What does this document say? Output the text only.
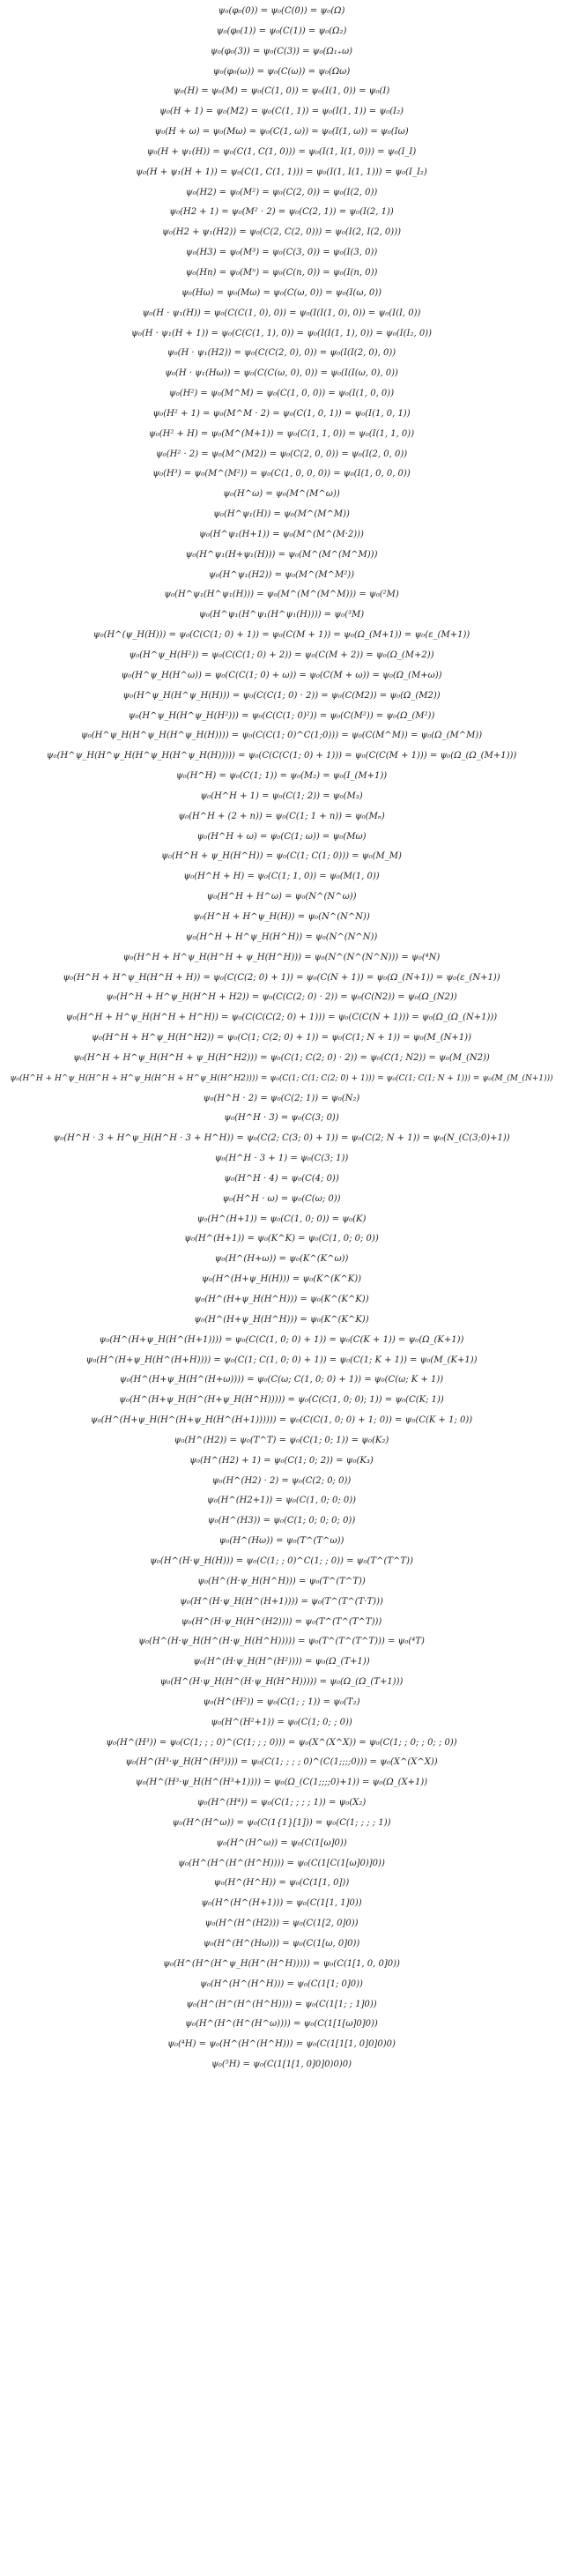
ψ₀(φ₀(0)) = ψ₀(C(0)) = ψ₀(Ω)
ψ₀(φ₀(1)) = ψ₀(C(1)) = ψ₀(Ω₂)
ψ₀(φ₀(3)) = ψ₀(C(3)) = ψ₀(Ω₁₊ω)
ψ₀(φ₀(ω)) = ψ₀(C(ω)) = ψ₀(Ωω)
ψ₀(H) = ψ₀(M) = ψ₀(C(1, 0)) = ψ₀(I(1, 0)) = ψ₀(I)
ψ₀(H + 1) = ψ₀(M2) = ψ₀(C(1, 1)) = ψ₀(I(1, 1)) = ψ₀(I₂)
ψ₀(H + ω) = ψ₀(Mω) = ψ₀(C(1, ω)) = ψ₀(I(1, ω)) = ψ₀(Iω)
ψ₀(H + ψ₁(H)) = ψ₀(C(1, C(1, 0))) = ψ₀(I(1, I(1, 0))) = ψ₀(I_I)
ψ₀(H + ψ₁(H + 1)) = ψ₀(C(1, C(1, 1))) = ψ₀(I(1, I(1, 1))) = ψ₀(I_I₂)
ψ₀(H2) = ψ₀(M²) = ψ₀(C(2, 0)) = ψ₀(I(2, 0))
ψ₀(H2 + 1) = ψ₀(M² · 2) = ψ₀(C(2, 1)) = ψ₀(I(2, 1))
ψ₀(H2 + ψ₁(H2)) = ψ₀(C(2, C(2, 0))) = ψ₀(I(2, I(2, 0)))
ψ₀(H3) = ψ₀(M³) = ψ₀(C(3, 0)) = ψ₀(I(3, 0))
ψ₀(Hn) = ψ₀(Mⁿ) = ψ₀(C(n, 0)) = ψ₀(I(n, 0))
ψ₀(Hω) = ψ₀(Mω) = ψ₀(C(ω, 0)) = ψ₀(I(ω, 0))
ψ₀(H · ψ₁(H)) = ψ₀(C(C(1, 0), 0)) = ψ₀(I(I(1, 0), 0)) = ψ₀(I(I, 0))
ψ₀(H · ψ₁(H + 1)) = ψ₀(C(C(1, 1), 0)) = ψ₀(I(I(1, 1), 0)) = ψ₀(I(I₂, 0))
ψ₀(H · ψ₁(H2)) = ψ₀(C(C(2, 0), 0)) = ψ₀(I(I(2, 0), 0))
ψ₀(H · ψ₁(Hω)) = ψ₀(C(C(ω, 0), 0)) = ψ₀(I(I(ω, 0), 0))
ψ₀(H²) = ψ₀(M^M) = ψ₀(C(1, 0, 0)) = ψ₀(I(1, 0, 0))
ψ₀(H² + 1) = ψ₀(M^M · 2) = ψ₀(C(1, 0, 1)) = ψ₀(I(1, 0, 1))
ψ₀(H² + H) = ψ₀(M^(M+1)) = ψ₀(C(1, 1, 0)) = ψ₀(I(1, 1, 0))
ψ₀(H² · 2) = ψ₀(M^(M2)) = ψ₀(C(2, 0, 0)) = ψ₀(I(2, 0, 0))
ψ₀(H³) = ψ₀(M^(M²)) = ψ₀(C(1, 0, 0, 0)) = ψ₀(I(1, 0, 0, 0))
ψ₀(H^ω) = ψ₀(M^(M^ω))
ψ₀(H^ψ₁(H)) = ψ₀(M^(M^M))
ψ₀(H^ψ₁(H+1)) = ψ₀(M^(M^(M·2)))
ψ₀(H^ψ₁(H+ψ₁(H))) = ψ₀(M^(M^(M^M)))
ψ₀(H^ψ₁(H2)) = ψ₀(M^(M^M²))
ψ₀(H^ψ₁(H^ψ₁(H))) = ψ₀(M^(M^(M^M))) = ψ₀(²M)
ψ₀(H^ψ₁(H^ψ₁(H^ψ₁(H)))) = ψ₀(³M)
ψ₀(H^(ψ_H(H))) = ψ₀(C(C(1; 0) + 1)) = ψ₀(C(M + 1)) = ψ₀(Ω_(M+1)) = ψ₀(ε_(M+1))
ψ₀(H^ψ_H(H²)) = ψ₀(C(C(1; 0) + 2)) = ψ₀(C(M + 2)) = ψ₀(Ω_(M+2))
ψ₀(H^ψ_H(H^ω)) = ψ₀(C(C(1; 0) + ω)) = ψ₀(C(M + ω)) = ψ₀(Ω_(M+ω))
ψ₀(H^ψ_H(H^ψ_H(H))) = ψ₀(C(C(1; 0) · 2)) = ψ₀(C(M2)) = ψ₀(Ω_(M2))
ψ₀(H^ψ_H(H^ψ_H(H²))) = ψ₀(C(C(1; 0)²)) = ψ₀(C(M²)) = ψ₀(Ω_(M²))
ψ₀(H^ψ_H(H^ψ_H(H^ψ_H(H)))) = ψ₀(C(C(1; 0)^C(1;0))) = ψ₀(C(M^M)) = ψ₀(Ω_(M^M))
ψ₀(H^ψ_H(H^ψ_H(H^ψ_H(H^ψ_H(H))))) = ψ₀(C(C(C(1; 0) + 1))) = ψ₀(C(C(M + 1))) = ψ₀(Ω_(Ω_(M+1)))
ψ₀(H^H) = ψ₀(C(1; 1)) = ψ₀(M₂) = ψ₀(I_(M+1))
ψ₀(H^H + 1) = ψ₀(C(1; 2)) = ψ₀(M₃)
ψ₀(H^H + (2 + n)) = ψ₀(C(1; 1 + n)) = ψ₀(Mₙ)
ψ₀(H^H + ω) = ψ₀(C(1; ω)) = ψ₀(Mω)
ψ₀(H^H + ψ_H(H^H)) = ψ₀(C(1; C(1; 0))) = ψ₀(M_M)
ψ₀(H^H + H) = ψ₀(C(1; 1, 0)) = ψ₀(M(1, 0))
ψ₀(H^H + H^ω) = ψ₀(N^(N^ω))
ψ₀(H^H + H^ψ_H(H)) = ψ₀(N^(N^N))
ψ₀(H^H + H^ψ_H(H^H)) = ψ₀(N^(N^N))
ψ₀(H^H + H^ψ_H(H^H + ψ_H(H^H))) = ψ₀(N^(N^(N^N))) = ψ₀(⁴N)
ψ₀(H^H + H^ψ_H(H^H + H)) = ψ₀(C(C(2; 0) + 1)) = ψ₀(C(N + 1)) = ψ₀(Ω_(N+1)) = ψ₀(ε_(N+1))
ψ₀(H^H + H^ψ_H(H^H + H2)) = ψ₀(C(C(2; 0) · 2)) = ψ₀(C(N2)) = ψ₀(Ω_(N2))
ψ₀(H^H + H^ψ_H(H^H + H^H)) = ψ₀(C(C(C(2; 0) + 1))) = ψ₀(C(C(N + 1))) = ψ₀(Ω_(Ω_(N+1)))
ψ₀(H^H + H^ψ_H(H^H2)) = ψ₀(C(1; C(2; 0) + 1)) = ψ₀(C(1; N + 1)) = ψ₀(M_(N+1))
ψ₀(H^H + H^ψ_H(H^H + ψ_H(H^H2))) = ψ₀(C(1; C(2; 0) · 2)) = ψ₀(C(1; N2)) = ψ₀(M_(N2))
ψ₀(H^H + H^ψ_H(H^H + H^ψ_H(H^H + H^ψ_H(H^H2)))) = ψ₀(C(1; C(1; C(2; 0) + 1))) = ψ₀(C(1; C(1; N + 1))) = ψ₀(M_(M_(N+1)))
ψ₀(H^H · 2) = ψ₀(C(2; 1)) = ψ₀(N₂)
ψ₀(H^H · 3) = ψ₀(C(3; 0))
ψ₀(H^H · 3 + H^ψ_H(H^H · 3 + H^H)) = ψ₀(C(2; C(3; 0) + 1)) = ψ₀(C(2; N + 1)) = ψ₀(N_(C(3;0)+1))
ψ₀(H^H · 3 + 1) = ψ₀(C(3; 1))
ψ₀(H^H · 4) = ψ₀(C(4; 0))
ψ₀(H^H · ω) = ψ₀(C(ω; 0))
ψ₀(H^(H+1)) = ψ₀(C(1, 0; 0)) = ψ₀(K)
ψ₀(H^(H+1)) = ψ₀(K^K) = ψ₀(C(1, 0; 0; 0))
ψ₀(H^(H+ω)) = ψ₀(K^(K^ω))
ψ₀(H^(H+ψ_H(H))) = ψ₀(K^(K^K))
ψ₀(H^(H+ψ_H(H^H))) = ψ₀(K^(K^K))
ψ₀(H^(H+ψ_H(H^H))) = ψ₀(K^(K^K))
ψ₀(H^(H+ψ_H(H^(H+1)))) = ψ₀(C(C(1, 0; 0) + 1)) = ψ₀(C(K + 1)) = ψ₀(Ω_(K+1))
ψ₀(H^(H+ψ_H(H^(H+H)))) = ψ₀(C(1; C(1, 0; 0) + 1)) = ψ₀(C(1; K + 1)) = ψ₀(M_(K+1))
ψ₀(H^(H+ψ_H(H^(H+ω)))) = ψ₀(C(ω; C(1, 0; 0) + 1)) = ψ₀(C(ω; K + 1))
ψ₀(H^(H+ψ_H(H^(H+ψ_H(H^H))))) = ψ₀(C(C(1, 0; 0); 1)) = ψ₀(C(K; 1))
ψ₀(H^(H+ψ_H(H^(H+ψ_H(H^(H+1)))))) = ψ₀(C(C(1, 0; 0) + 1; 0)) = ψ₀(C(K + 1; 0))
ψ₀(H^(H2)) = ψ₀(T^T) = ψ₀(C(1; 0; 1)) = ψ₀(K₂)
ψ₀(H^(H2) + 1) = ψ₀(C(1; 0; 2)) = ψ₀(K₃)
ψ₀(H^(H2) · 2) = ψ₀(C(2; 0; 0))
ψ₀(H^(H2+1)) = ψ₀(C(1, 0; 0; 0))
ψ₀(H^(H3)) = ψ₀(C(1; 0; 0; 0; 0))
ψ₀(H^(Hω)) = ψ₀(T^(T^ω))
ψ₀(H^(H·ψ_H(H))) = ψ₀(C(1; ; 0)^C(1; ; 0)) = ψ₀(T^(T^T))
ψ₀(H^(H·ψ_H(H^H))) = ψ₀(T^(T^T))
ψ₀(H^(H·ψ_H(H^(H+1)))) = ψ₀(T^(T^(T·T)))
ψ₀(H^(H·ψ_H(H^(H2)))) = ψ₀(T^(T^(T^T)))
ψ₀(H^(H·ψ_H(H^(H·ψ_H(H^H))))) = ψ₀(T^(T^(T^T))) = ψ₀(⁴T)
ψ₀(H^(H·ψ_H(H^(H²)))) = ψ₀(Ω_(T+1))
ψ₀(H^(H·ψ_H(H^(H·ψ_H(H^H))))) = ψ₀(Ω_(Ω_(T+1)))
ψ₀(H^(H²)) = ψ₀(C(1; ; 1)) = ψ₀(T₂)
ψ₀(H^(H²+1)) = ψ₀(C(1; 0; ; 0))
ψ₀(H^(H³)) = ψ₀(C(1; ; ; 0)^(C(1; ; ; 0))) = ψ₀(X^(X^X)) = ψ₀(C(1; ; 0; ; 0; ; 0))
ψ₀(H^(H³·ψ_H(H^(H³)))) = ψ₀(C(1; ; ; ; 0)^(C(1;;;;0))) = ψ₀(X^(X^X))
ψ₀(H^(H³·ψ_H(H^(H³+1)))) = ψ₀(Ω_(C(1;;;;0)+1)) = ψ₀(Ω_(X+1))
ψ₀(H^(H⁴)) = ψ₀(C(1; ; ; ; 1)) = ψ₀(X₂)
ψ₀(H^(H^ω)) = ψ₀(C(1{1}[1])) = ψ₀(C(1; ; ; ; 1))
ψ₀(H^(H^ω)) = ψ₀(C(1[ω]0))
ψ₀(H^(H^(H^(H^H)))) = ψ₀(C(1[C(1[ω]0)]0))
ψ₀(H^(H^H)) = ψ₀(C(1[1, 0]))
ψ₀(H^(H^(H+1))) = ψ₀(C(1[1, 1]0))
ψ₀(H^(H^(H2))) = ψ₀(C(1[2, 0]0))
ψ₀(H^(H^(Hω))) = ψ₀(C(1[ω, 0]0))
ψ₀(H^(H^(H^ψ_H(H^(H^H))))) = ψ₀(C(1[1, 0, 0]0))
ψ₀(H^(H^(H^H))) = ψ₀(C(1[1; 0]0))
ψ₀(H^(H^(H^(H^H)))) = ψ₀(C(1[1; ; 1]0))
ψ₀(H^(H^(H^(H^ω)))) = ψ₀(C(1[1[ω]0]0))
ψ₀(⁴H) = ψ₀(H^(H^(H^H))) = ψ₀(C(1[1[1, 0]0]0)0)
ψ₀(⁵H) = ψ₀(C(1[1[1, 0]0]0)0)0)
